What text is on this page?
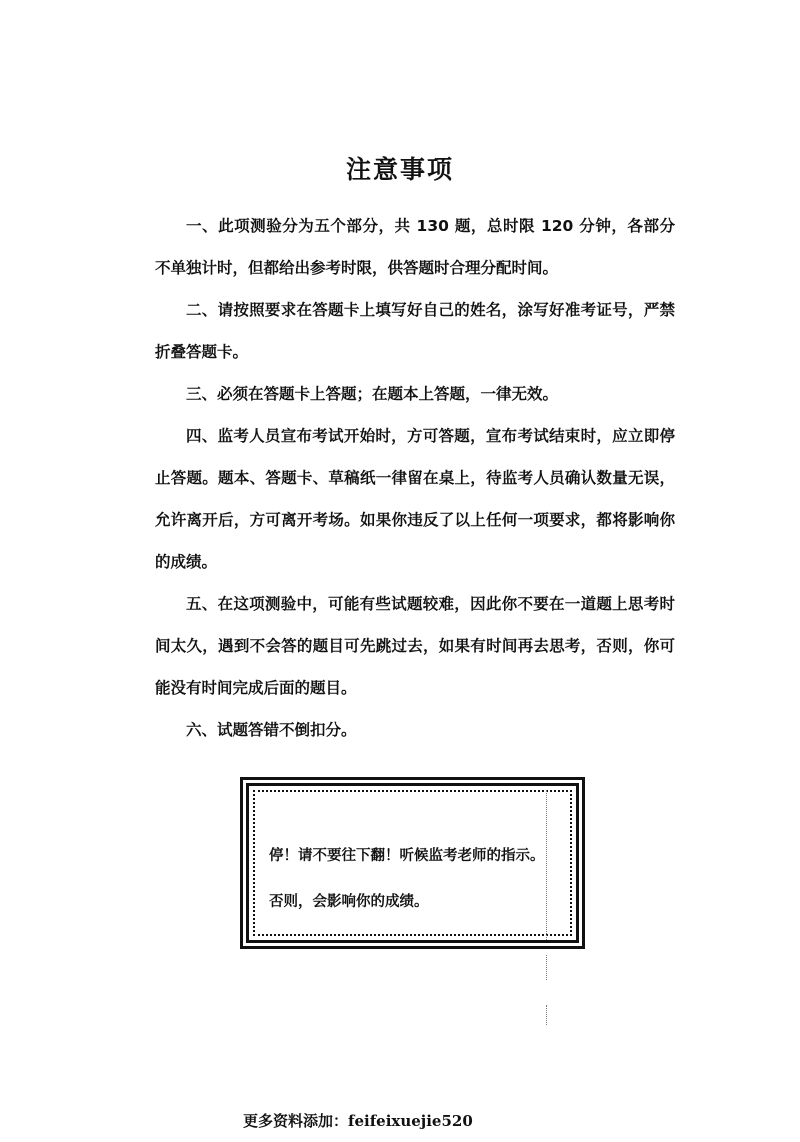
注意事项

一、此项测验分为五个部分，共 130 题，总时限 120 分钟，各部分不单独计时，但都给出参考时限，供答题时合理分配时间。

二、请按照要求在答题卡上填写好自己的姓名，涂写好准考证号，严禁折叠答题卡。

三、必须在答题卡上答题；在题本上答题，一律无效。

四、监考人员宣布考试开始时，方可答题，宣布考试结束时，应立即停止答题。题本、答题卡、草稿纸一律留在桌上，待监考人员确认数量无误，允许离开后，方可离开考场。如果你违反了以上任何一项要求，都将影响你的成绩。

五、在这项测验中，可能有些试题较难，因此你不要在一道题上思考时间太久，遇到不会答的题目可先跳过去，如果有时间再去思考，否则，你可能没有时间完成后面的题目。

六、试题答错不倒扣分。

停！请不要往下翻！听候监考老师的指示。
否则，会影响你的成绩。
更多资料添加：feifeixuejie520
